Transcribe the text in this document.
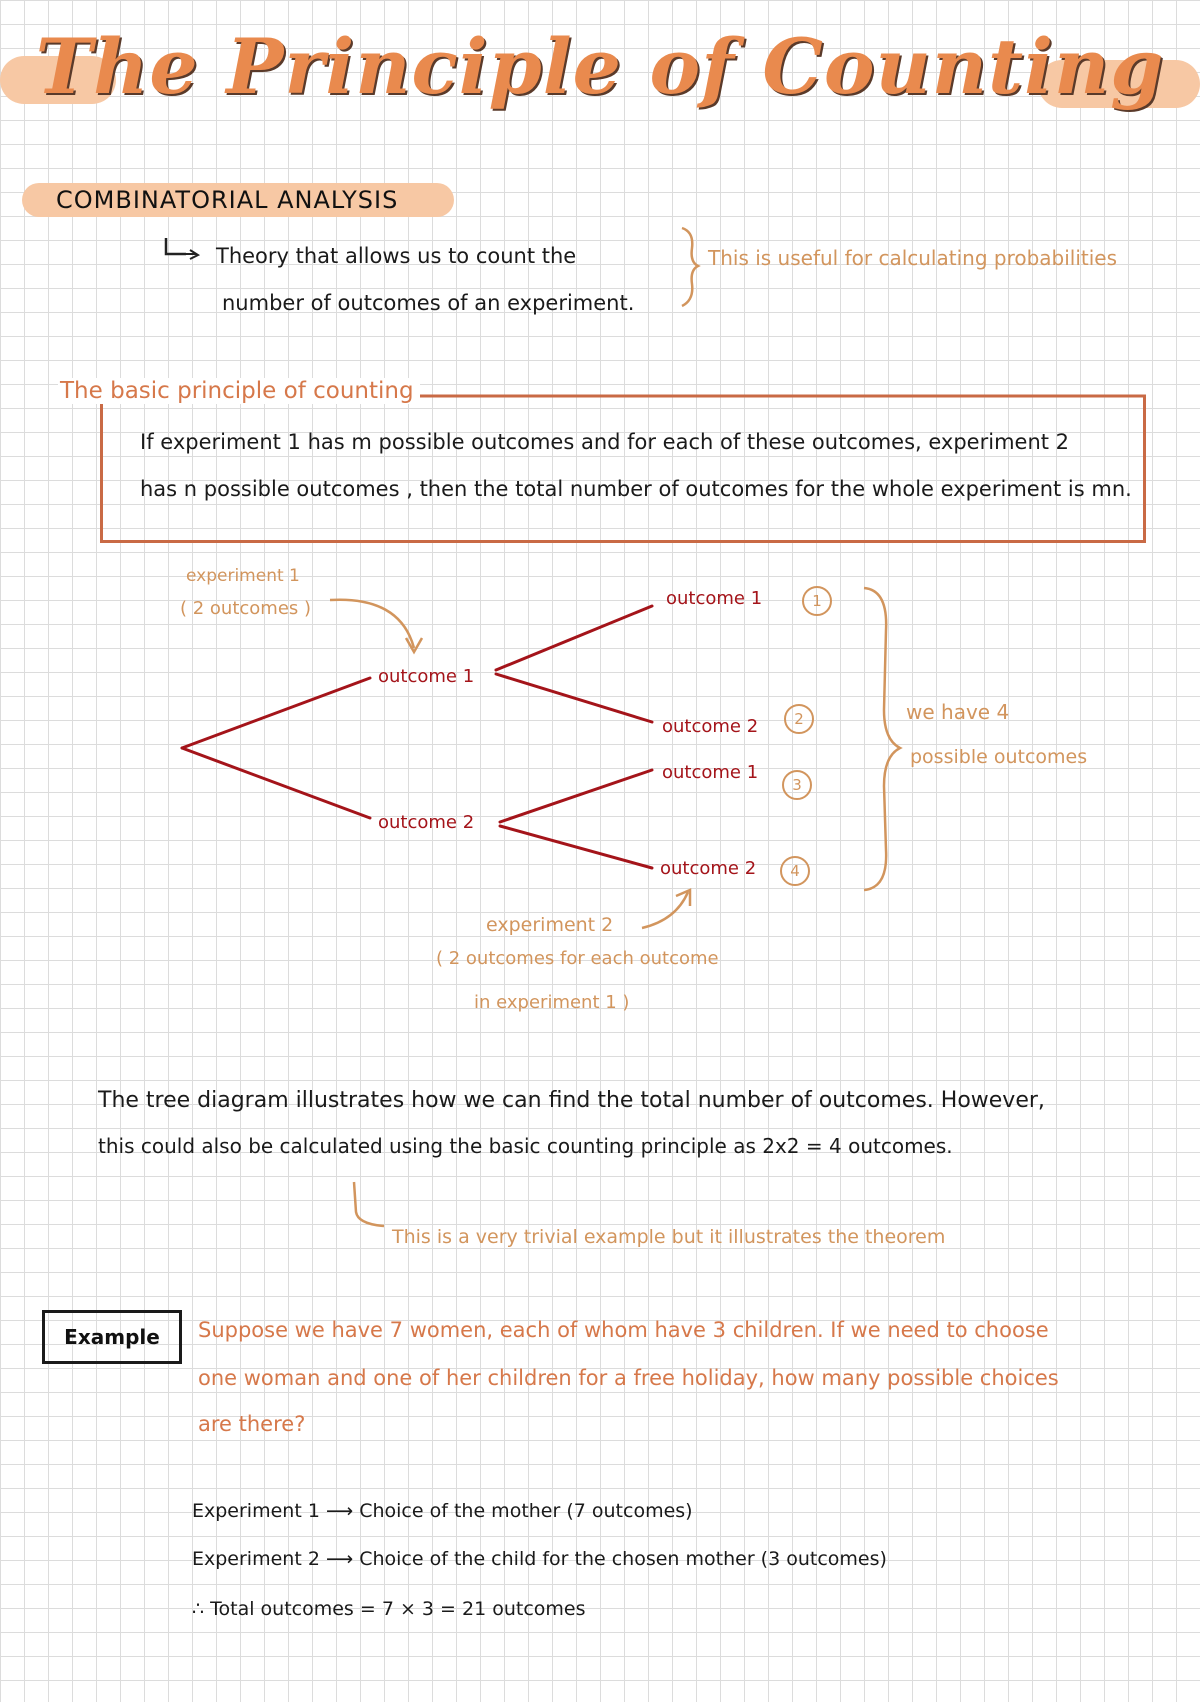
The Principle of Counting
COMBINATORIAL ANALYSIS
Theory that allows us to count the
number of outcomes of an experiment.
This is useful for calculating probabilities
The basic principle of counting
If experiment 1 has m possible outcomes and for each of these outcomes, experiment 2
has n possible outcomes , then the total number of outcomes for the whole experiment is mn.
experiment 1
( 2 outcomes )
outcome 1
outcome 2
outcome 1
outcome 2
outcome 1
outcome 2
1
2
3
4
we have 4
possible outcomes
experiment 2
( 2 outcomes for each outcome
in experiment 1 )
The tree diagram illustrates how we can find the total number of outcomes. However,
this could also be calculated using the basic counting principle as 2x2 = 4 outcomes.
This is a very trivial example but it illustrates the theorem
Example	Suppose we have 7 women, each of whom have 3 children. If we need to choose
one woman and one of her children for a free holiday, how many possible choices
are there?
Experiment 1 ⟶ Choice of the mother (7 outcomes)
Experiment 2 ⟶ Choice of the child for the chosen mother (3 outcomes)
∴ Total outcomes = 7 × 3 = 21 outcomes
